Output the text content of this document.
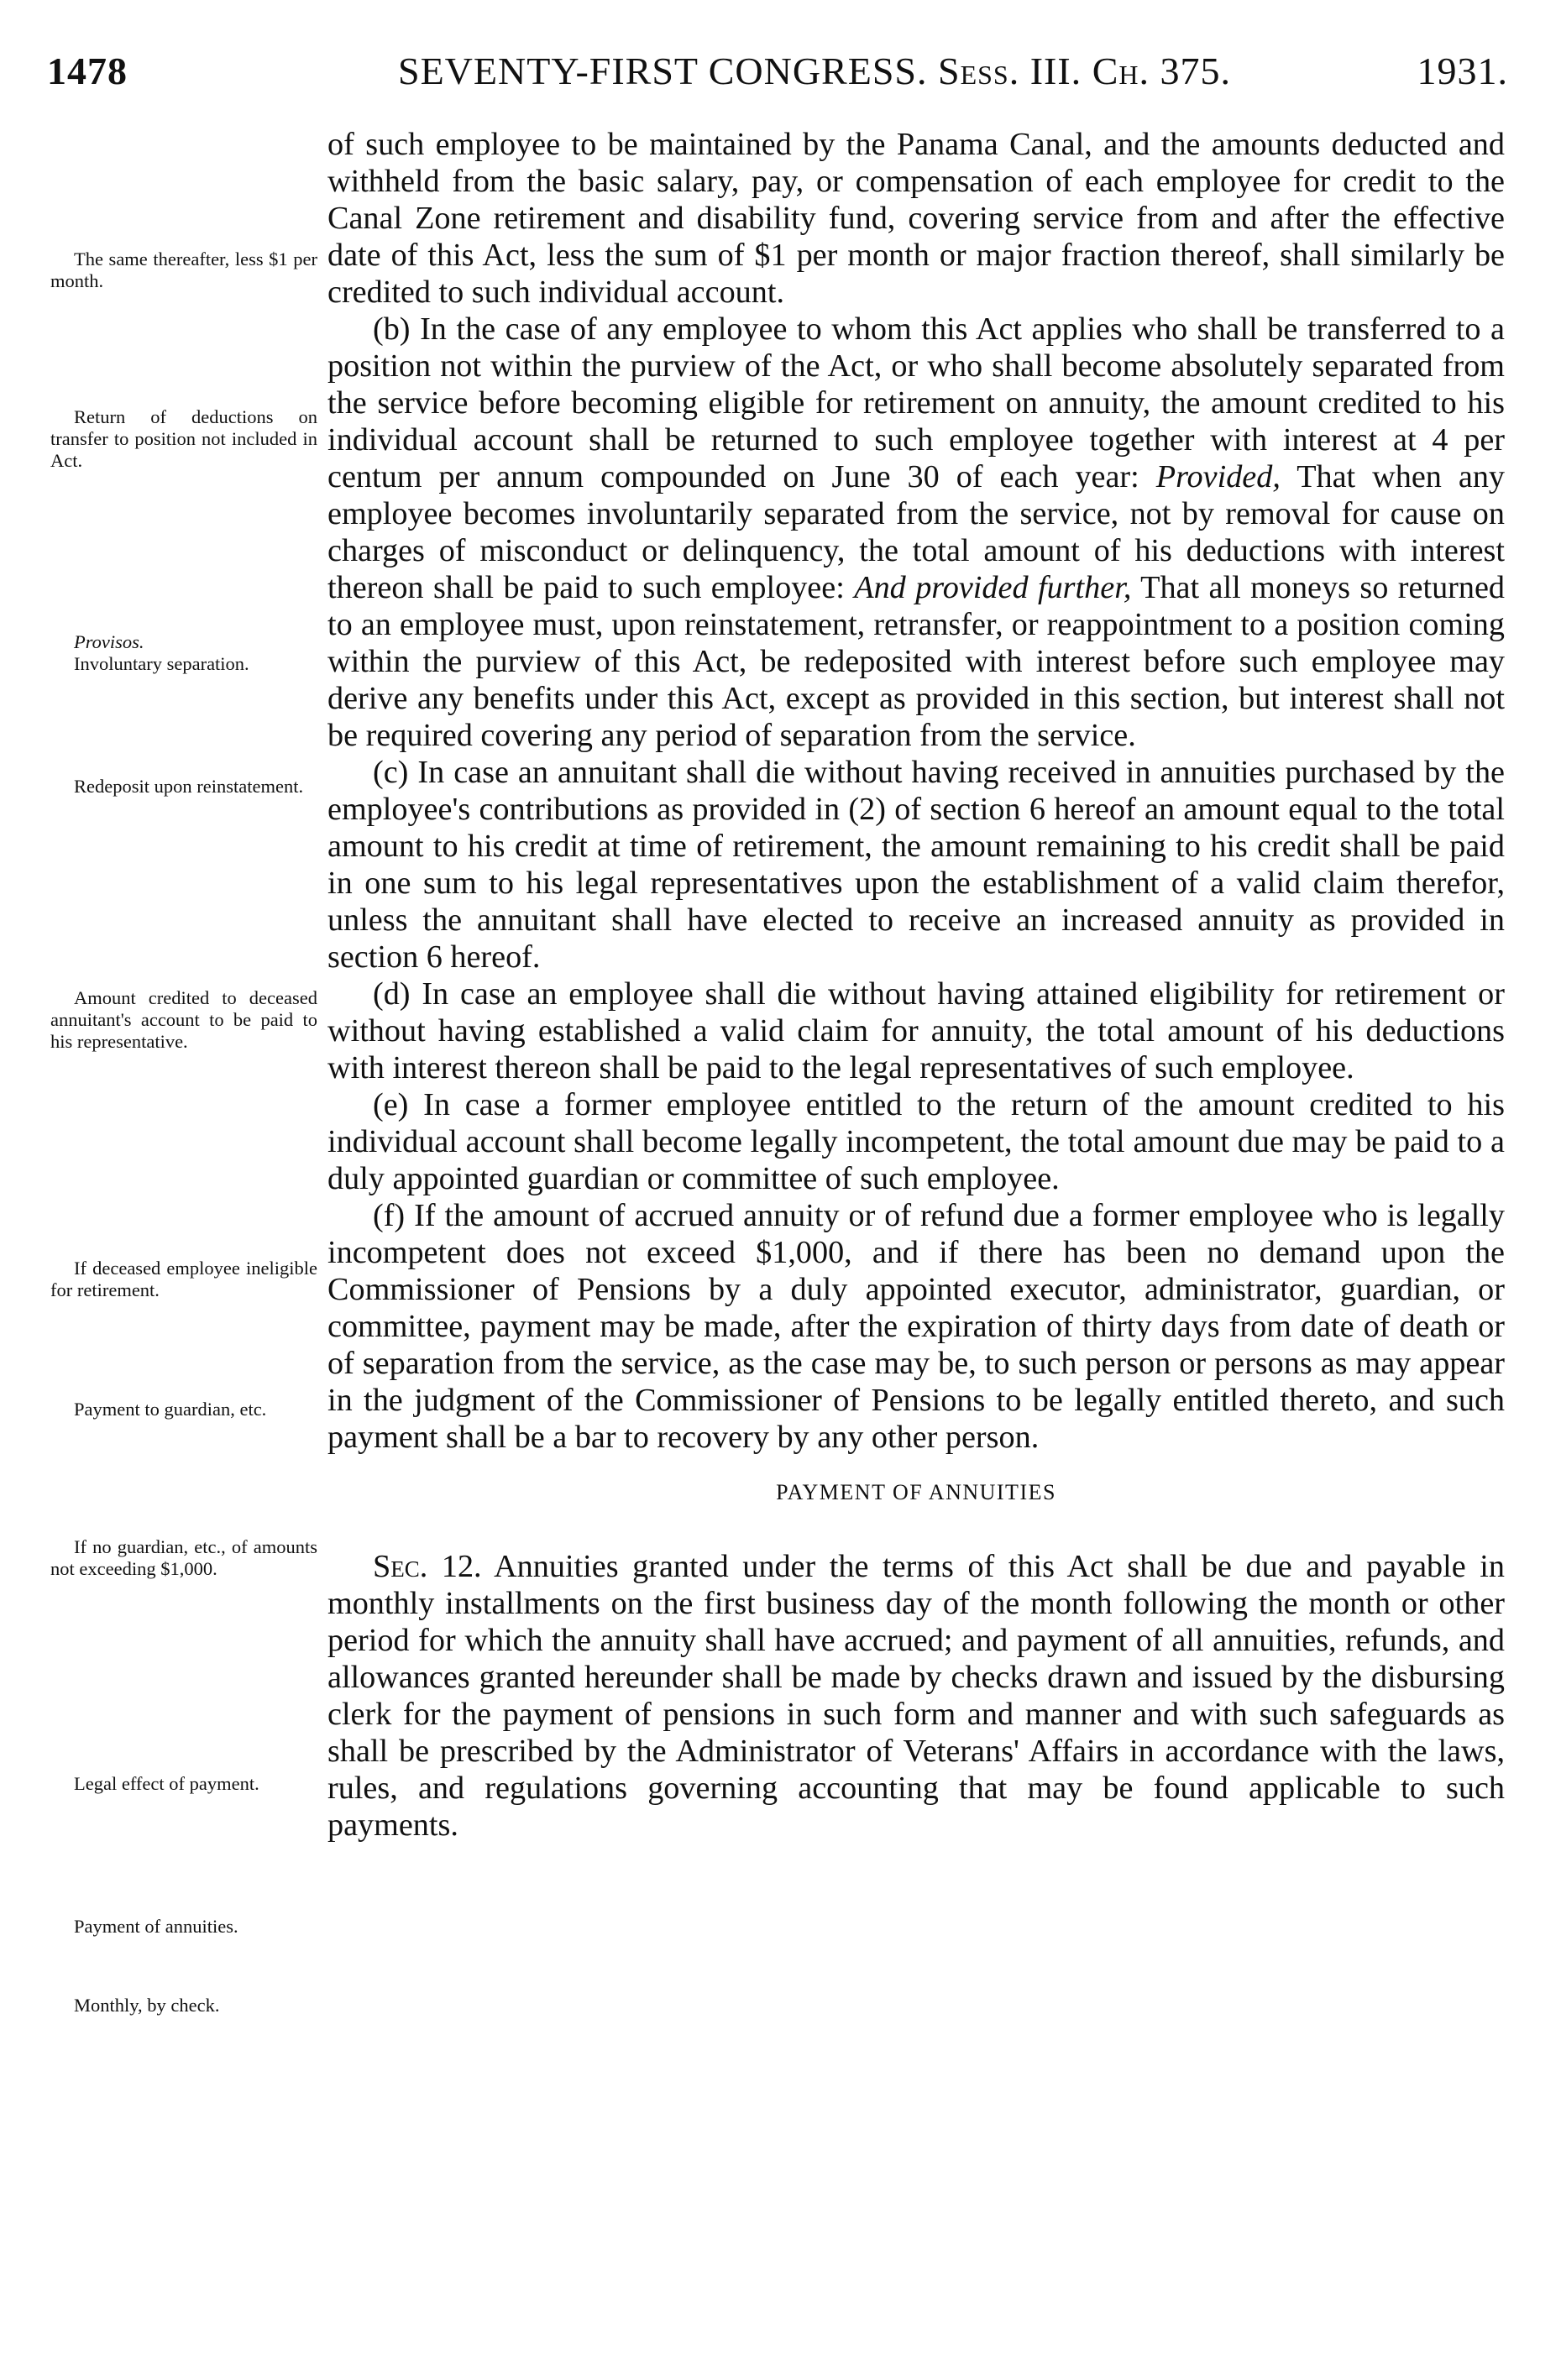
1478	SEVENTY-FIRST CONGRESS. Sess. III. Ch. 375.	1931.
The same thereafter, less $1 per month.
Return of deductions on transfer to position not included in Act.
Provisos.
Involuntary separation.
Redeposit upon reinstatement.
Amount credited to deceased annuitant's account to be paid to his representative.
If deceased employee ineligible for retirement.
Payment to guardian, etc.
If no guardian, etc., of amounts not exceeding $1,000.
Legal effect of payment.
Payment of annuities.
Monthly, by check.

of such employee to be maintained by the Panama Canal, and the amounts deducted and withheld from the basic salary, pay, or compensation of each employee for credit to the Canal Zone retirement and disability fund, covering service from and after the effective date of this Act, less the sum of $1 per month or major fraction thereof, shall similarly be credited to such individual account.

(b) In the case of any employee to whom this Act applies who shall be transferred to a position not within the purview of the Act, or who shall become absolutely separated from the service before becoming eligible for retirement on annuity, the amount credited to his individual account shall be returned to such employee together with interest at 4 per centum per annum compounded on June 30 of each year: Provided, That when any employee becomes involuntarily separated from the service, not by removal for cause on charges of misconduct or delinquency, the total amount of his deductions with interest thereon shall be paid to such employee: And provided further, That all moneys so returned to an employee must, upon reinstatement, retransfer, or reappointment to a position coming within the purview of this Act, be redeposited with interest before such employee may derive any benefits under this Act, except as provided in this section, but interest shall not be required covering any period of separation from the service.

(c) In case an annuitant shall die without having received in annuities purchased by the employee's contributions as provided in (2) of section 6 hereof an amount equal to the total amount to his credit at time of retirement, the amount remaining to his credit shall be paid in one sum to his legal representatives upon the establishment of a valid claim therefor, unless the annuitant shall have elected to receive an increased annuity as provided in section 6 hereof.

(d) In case an employee shall die without having attained eligibility for retirement or without having established a valid claim for annuity, the total amount of his deductions with interest thereon shall be paid to the legal representatives of such employee.

(e) In case a former employee entitled to the return of the amount credited to his individual account shall become legally incompetent, the total amount due may be paid to a duly appointed guardian or committee of such employee.

(f) If the amount of accrued annuity or of refund due a former employee who is legally incompetent does not exceed $1,000, and if there has been no demand upon the Commissioner of Pensions by a duly appointed executor, administrator, guardian, or committee, payment may be made, after the expiration of thirty days from date of death or of separation from the service, as the case may be, to such person or persons as may appear in the judgment of the Commissioner of Pensions to be legally entitled thereto, and such payment shall be a bar to recovery by any other person.

PAYMENT OF ANNUITIES

Sec. 12. Annuities granted under the terms of this Act shall be due and payable in monthly installments on the first business day of the month following the month or other period for which the annuity shall have accrued; and payment of all annuities, refunds, and allowances granted hereunder shall be made by checks drawn and issued by the disbursing clerk for the payment of pensions in such form and manner and with such safeguards as shall be prescribed by the Administrator of Veterans' Affairs in accordance with the laws, rules, and regulations governing accounting that may be found applicable to such payments.
